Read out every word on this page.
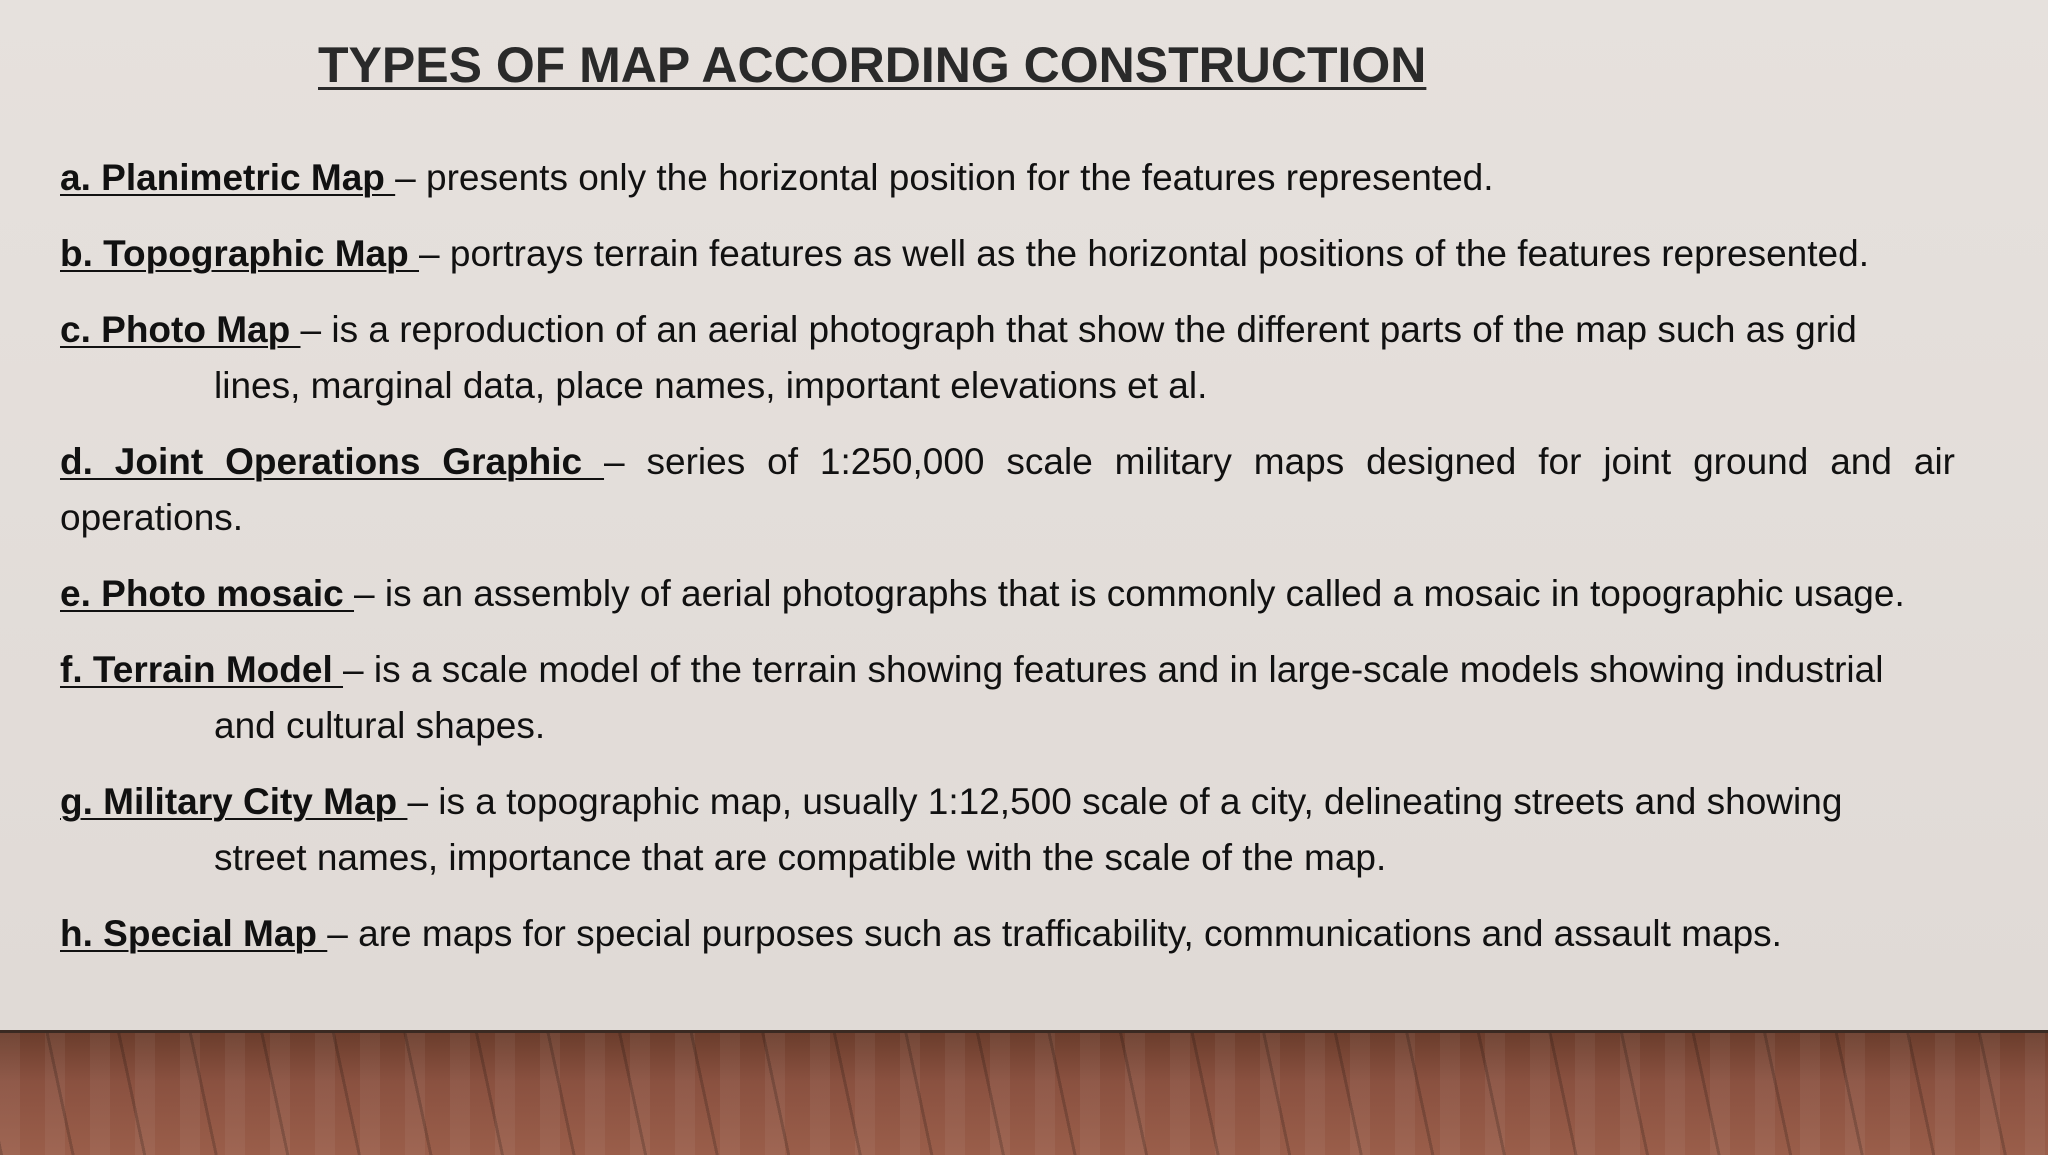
TYPES OF MAP ACCORDING CONSTRUCTION
a. Planimetric Map – presents only the horizontal position for the features represented.
b. Topographic Map – portrays terrain features as well as the horizontal positions of the features represented.
c. Photo Map – is a reproduction of an aerial photograph that show the different parts of the map such as grid
lines, marginal data, place names, important elevations et al.
d. Joint Operations Graphic – series of 1:250,000 scale military maps designed for joint ground and air operations.
e. Photo mosaic – is an assembly of aerial photographs that is commonly called a mosaic in topographic usage.
f. Terrain Model – is a scale model of the terrain showing features and in large-scale models showing industrial
and cultural shapes.
g. Military City Map – is a topographic map, usually 1:12,500 scale of a city, delineating streets and showing
street names, importance that are compatible with the scale of the map.
h. Special Map – are maps for special purposes such as trafficability, communications and assault maps.
